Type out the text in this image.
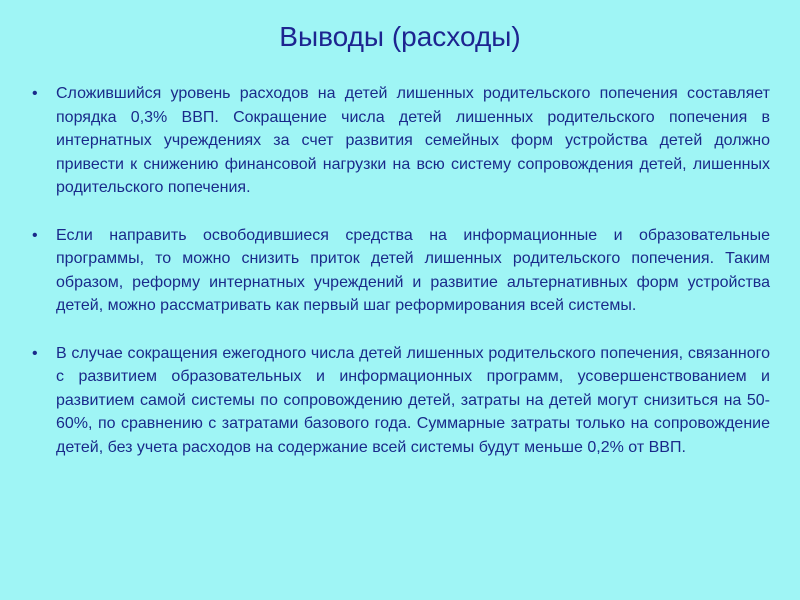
Выводы (расходы)
• Сложившийся уровень расходов на детей лишенных родительского попечения составляет порядка 0,3% ВВП. Сокращение числа детей лишенных родительского попечения в интернатных учреждениях за счет развития семейных форм устройства детей должно привести к снижению финансовой нагрузки на всю систему сопровождения детей, лишенных родительского попечения.
• Если направить освободившиеся средства на информационные и образовательные программы, то можно снизить приток детей лишенных родительского попечения. Таким образом, реформу интернатных учреждений и развитие альтернативных форм устройства детей, можно рассматривать как первый шаг реформирования всей системы.
• В случае сокращения ежегодного числа детей лишенных родительского попечения, связанного с развитием образовательных и информационных программ, усовершенствованием и развитием самой системы по сопровождению детей, затраты на детей могут снизиться на 50-60%, по сравнению с затратами базового года. Суммарные затраты только на сопровождение детей, без учета расходов на содержание всей системы будут меньше 0,2% от ВВП.
